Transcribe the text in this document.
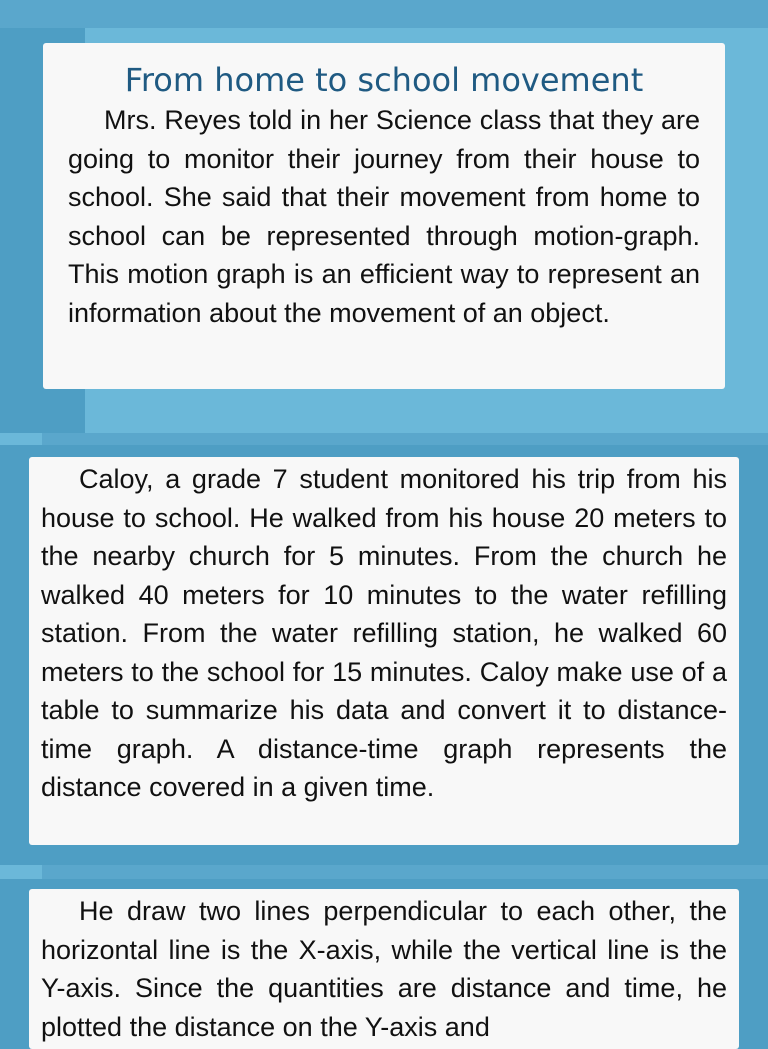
From home to school movement

Mrs. Reyes told in her Science class that they are going to monitor their journey from their house to school. She said that their movement from home to school can be represented through motion-graph. This motion graph is an efficient way to represent an information about the movement of an object.

Caloy, a grade 7 student monitored his trip from his house to school. He walked from his house 20 meters to the nearby church for 5 minutes. From the church he walked 40 meters for 10 minutes to the water refilling station. From the water refilling station, he walked 60 meters to the school for 15 minutes. Caloy make use of a table to summarize his data and convert it to distance-time graph. A distance-time graph represents the distance covered in a given time.

He draw two lines perpendicular to each other, the horizontal line is the X-axis, while the vertical line is the Y-axis. Since the quantities are distance and time, he plotted the distance on the Y-axis and
